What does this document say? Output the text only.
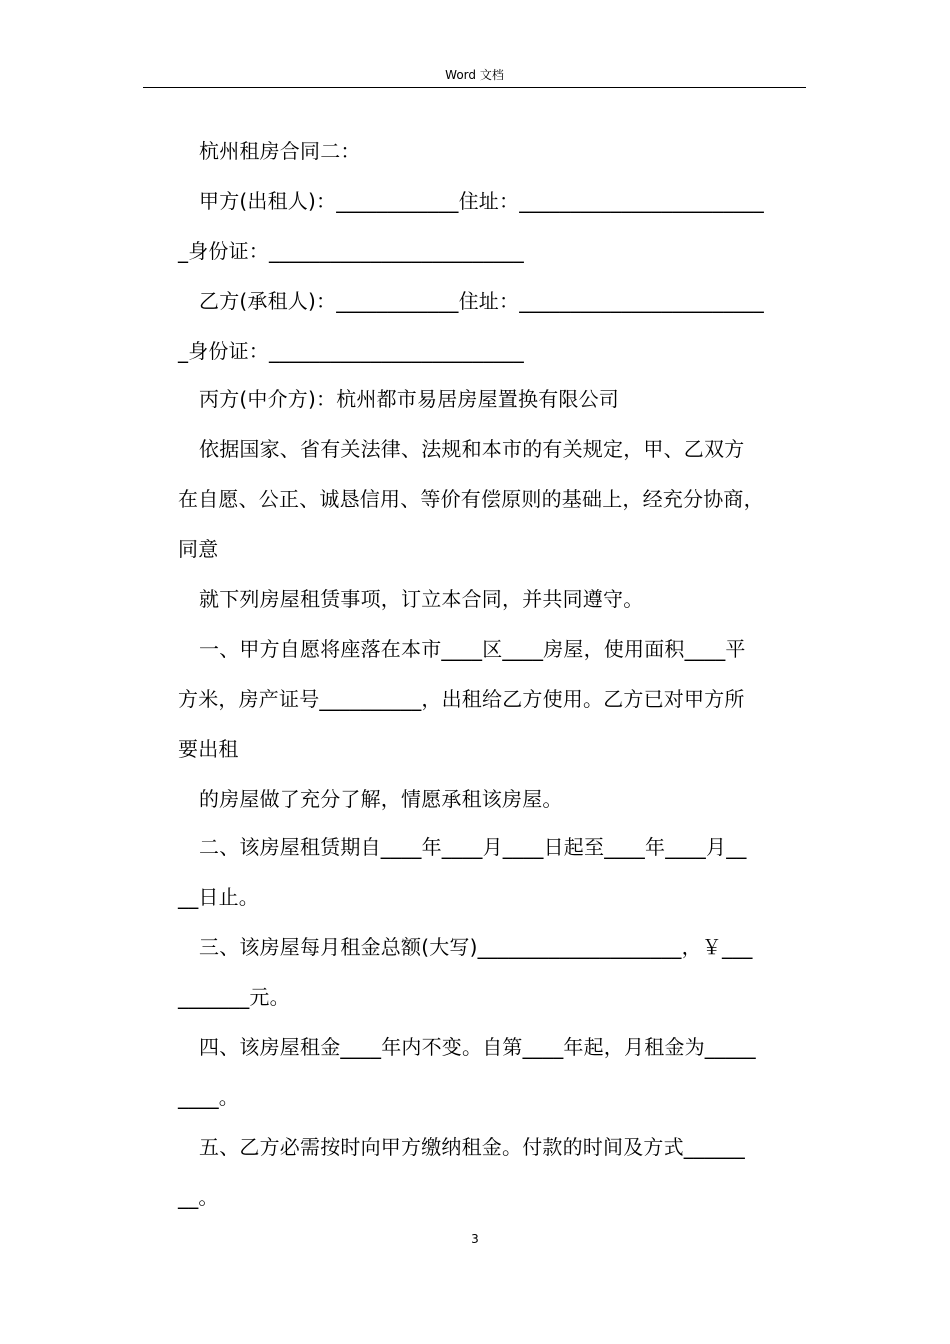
Word 文档
杭州租房合同二：
甲方(出租人)：____________住址：________________________
_身份证：_________________________
乙方(承租人)：____________住址：________________________
_身份证：_________________________
丙方(中介方)：杭州都市易居房屋置换有限公司
依据国家、省有关法律、法规和本市的有关规定，甲、乙双方
在自愿、公正、诚恳信用、等价有偿原则的基础上，经充分协商，
同意
就下列房屋租赁事项，订立本合同，并共同遵守。
一、甲方自愿将座落在本市____区____房屋，使用面积____平
方米，房产证号__________，出租给乙方使用。乙方已对甲方所
要出租
的房屋做了充分了解，情愿承租该房屋。
二、该房屋租赁期自____年____月____日起至____年____月__
__日止。
三、该房屋每月租金总额(大写)____________________，￥___
_______元。
四、该房屋租金____年内不变。自第____年起，月租金为_____
____。
五、乙方必需按时向甲方缴纳租金。付款的时间及方式______
__。
3
